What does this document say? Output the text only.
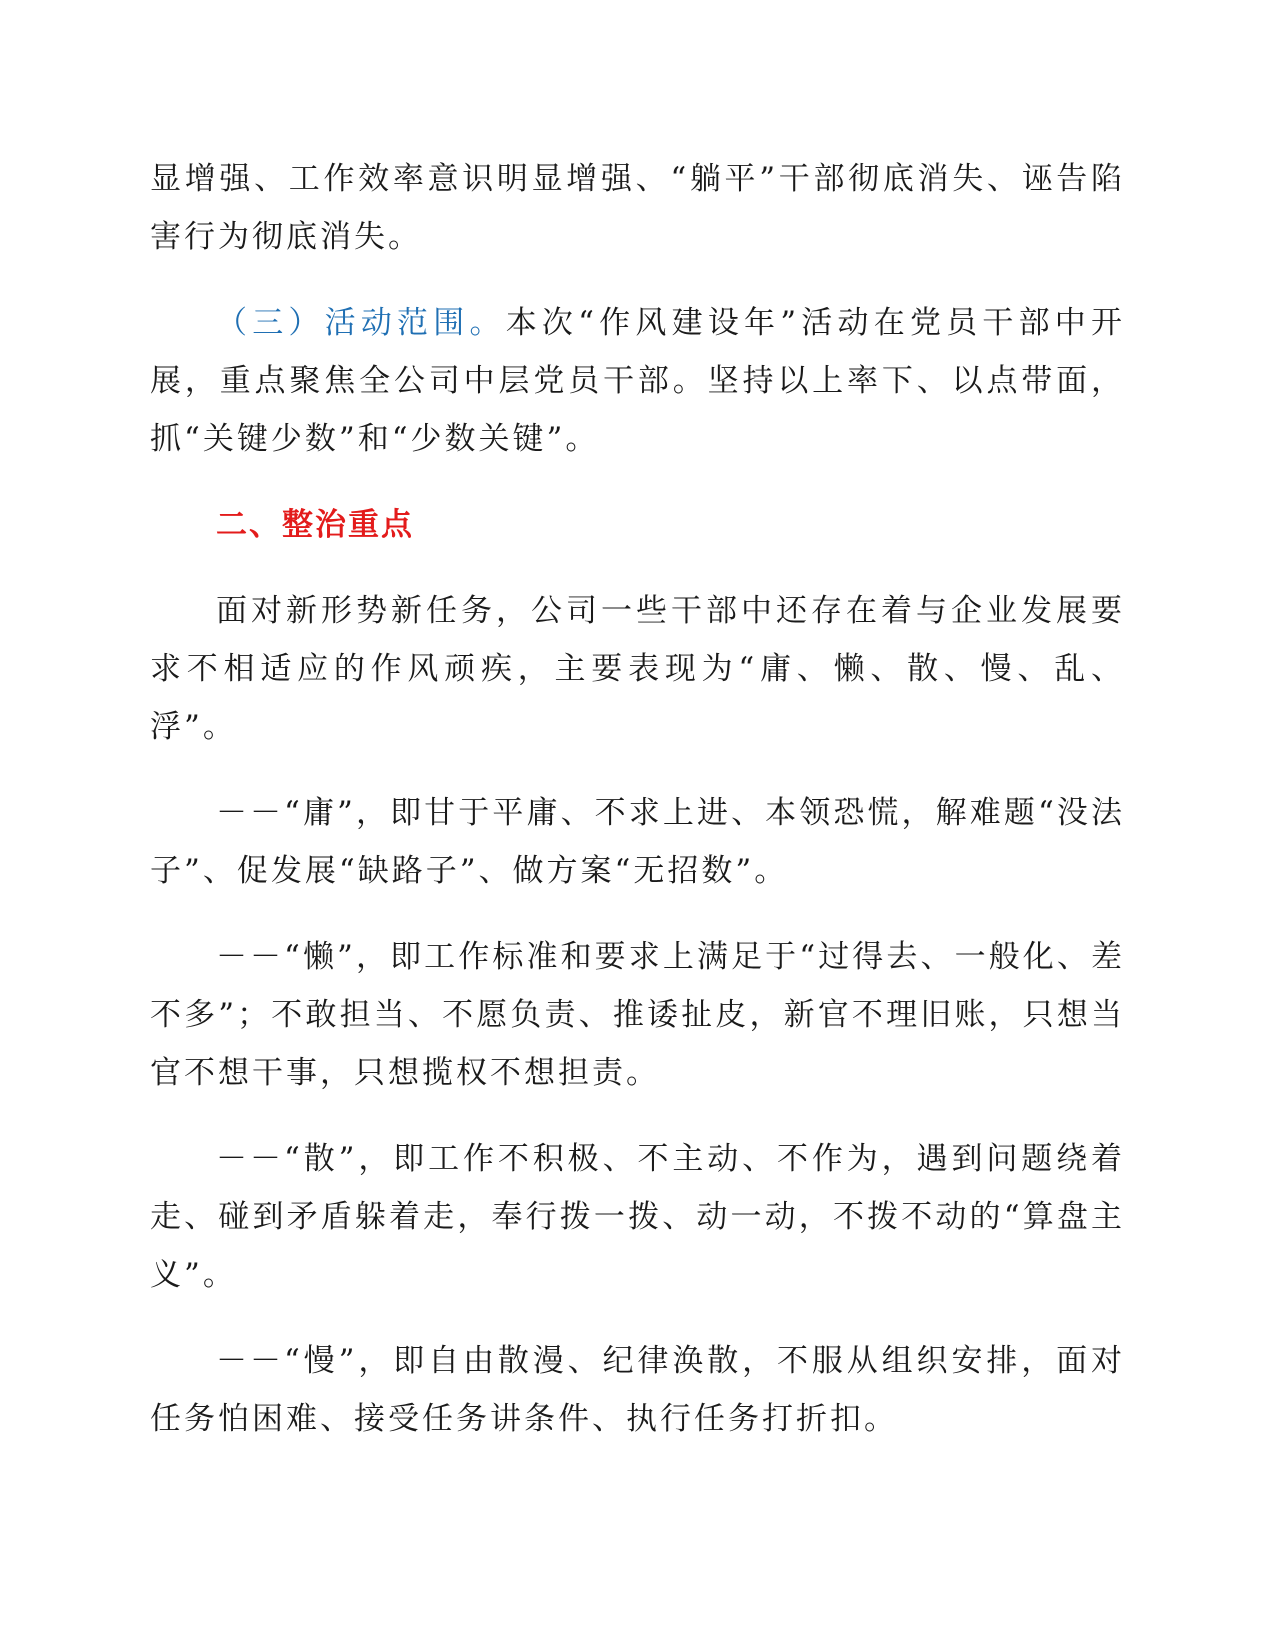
显增强、工作效率意识明显增强、“躺平”干部彻底消失、诬告陷害行为彻底消失。

（三）活动范围。本次“作风建设年”活动在党员干部中开展，重点聚焦全公司中层党员干部。坚持以上率下、以点带面，抓“关键少数”和“少数关键”。

二、整治重点

面对新形势新任务，公司一些干部中还存在着与企业发展要求不相适应的作风顽疾，主要表现为“庸、懒、散、慢、乱、浮”。

－－“庸”，即甘于平庸、不求上进、本领恐慌，解难题“没法子”、促发展“缺路子”、做方案“无招数”。

－－“懒”，即工作标准和要求上满足于“过得去、一般化、差不多”；不敢担当、不愿负责、推诿扯皮，新官不理旧账，只想当官不想干事，只想揽权不想担责。

－－“散”，即工作不积极、不主动、不作为，遇到问题绕着走、碰到矛盾躲着走，奉行拨一拨、动一动，不拨不动的“算盘主义”。

－－“慢”，即自由散漫、纪律涣散，不服从组织安排，面对任务怕困难、接受任务讲条件、执行任务打折扣。
